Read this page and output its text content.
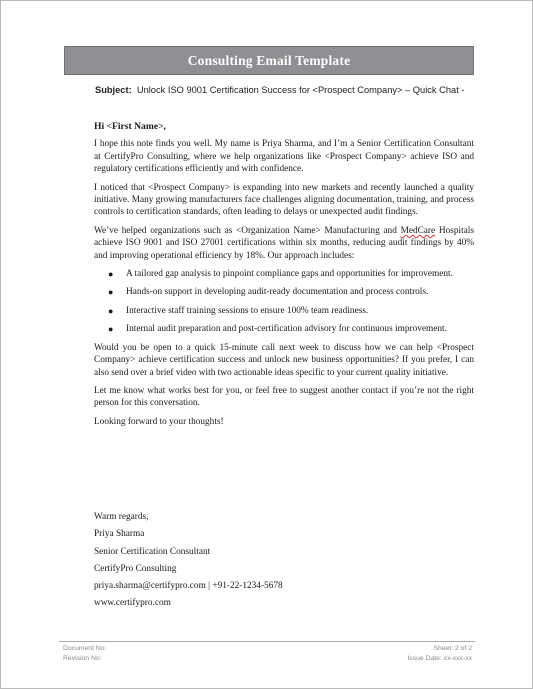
Consulting Email Template
Subject: Unlock ISO 9001 Certification Success for <Prospect Company> – Quick Chat -

Hi <First Name>,

I hope this note finds you well. My name is Priya Sharma, and I’m a Senior Certification Consultant at CertifyPro Consulting, where we help organizations like <Prospect Company> achieve ISO and regulatory certifications efficiently and with confidence.

I noticed that <Prospect Company> is expanding into new markets and recently launched a quality initiative. Many growing manufacturers face challenges aligning documentation, training, and process controls to certification standards, often leading to delays or unexpected audit findings.

We’ve helped organizations such as <Organization Name> Manufacturing and MedCare Hospitals achieve ISO 9001 and ISO 27001 certifications within six months, reducing audit findings by 40% and improving operational efficiency by 18%. Our approach includes:

● A tailored gap analysis to pinpoint compliance gaps and opportunities for improvement.
● Hands-on support in developing audit-ready documentation and process controls.
● Interactive staff training sessions to ensure 100% team readiness.
● Internal audit preparation and post-certification advisory for continuous improvement.

Would you be open to a quick 15-minute call next week to discuss how we can help <Prospect Company> achieve certification success and unlock new business opportunities? If you prefer, I can also send over a brief video with two actionable ideas specific to your current quality initiative.

Let me know what works best for you, or feel free to suggest another contact if you’re not the right person for this conversation.

Looking forward to your thoughts!

Warm regards,
Priya Sharma
Senior Certification Consultant
CertifyPro Consulting
priya.sharma@certifypro.com | +91-22-1234-5678
www.certifypro.com
Document No:
Revision No:
Sheet: 2 of 2
Issue Date: xx-xxx-xx
